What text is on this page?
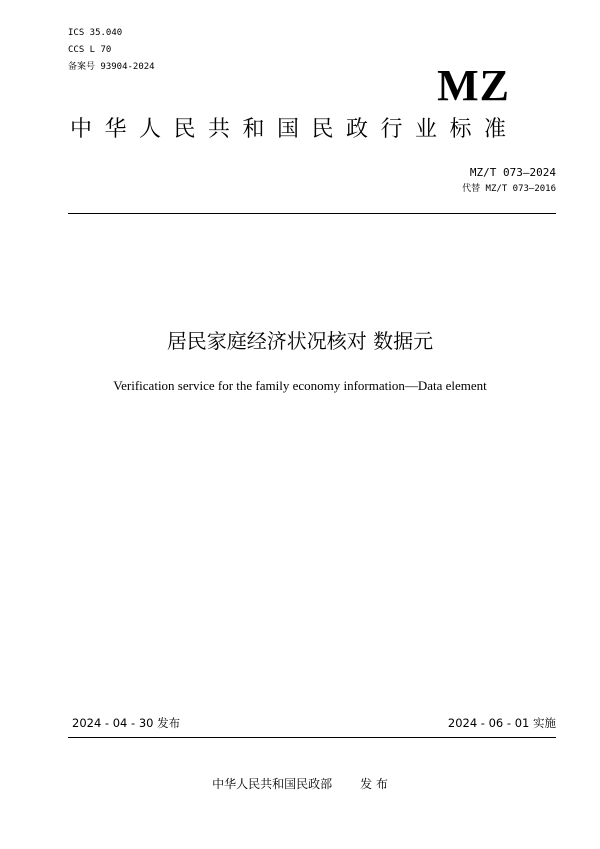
ICS 35.040
CCS L 70
备案号 93904-2024	MZ
中华人民共和国民政行业标准
MZ/T 073—2024
代替 MZ/T 073—2016
居民家庭经济状况核对 数据元
Verification service for the family economy information—Data element
2024 - 04 - 30 发布	2024 - 06 - 01 实施
中华人民共和国民政部 发 布
